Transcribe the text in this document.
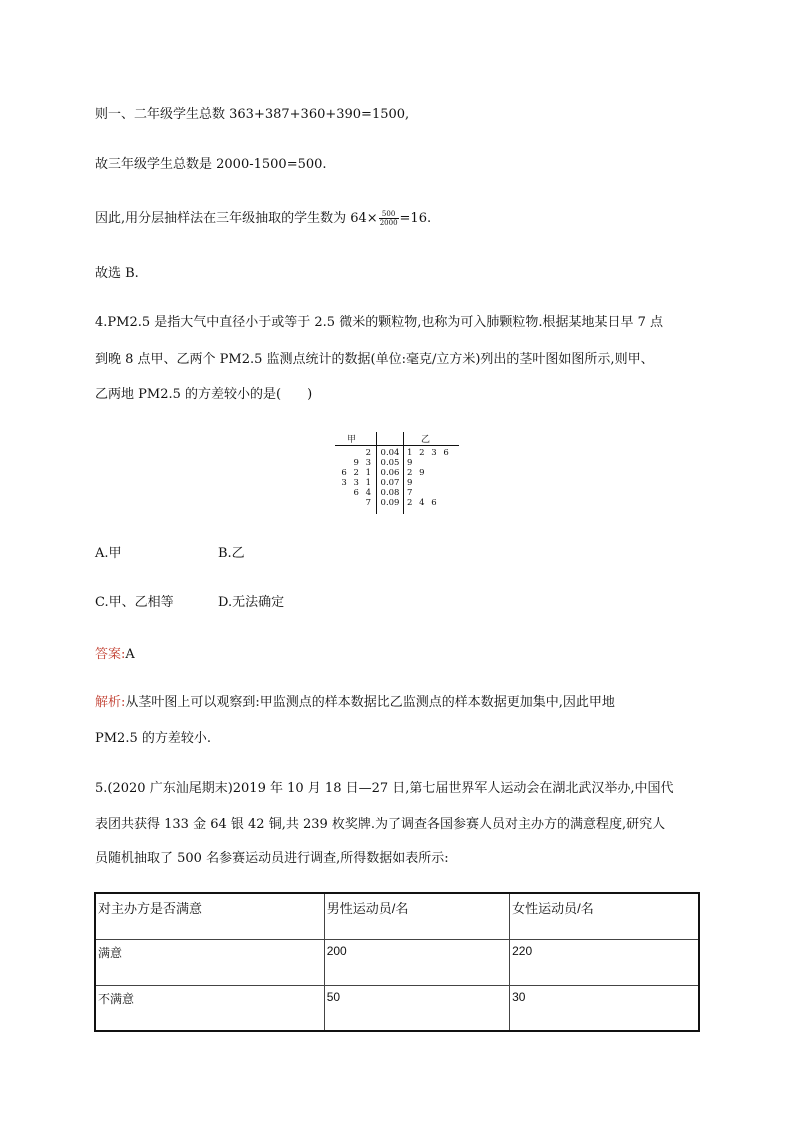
则一、二年级学生总数 363+387+360+390=1500,
故三年级学生总数是 2000-1500=500.
因此,用分层抽样法在三年级抽取的学生数为 $64\times \frac{500}{2000} =16$.
故选 B.
4.PM2.5 是指大气中直径小于或等于 2.5 微米的颗粒物,也称为可入肺颗粒物.根据某地某日早 7 点
到晚 8 点甲、乙两个 PM2.5 监测点统计的数据(单位:毫克/立方米)列出的茎叶图如图所示,则甲、
乙两地 PM2.5 的方差较小的是(　　)
甲	乙
2 0.04 1 2 3 6
9 3 0.05 9
6 2 1 0.06 2 9
3 3 1 0.07 9
6 4 0.08 7
7 0.09 2 4 6
A.甲	B.乙
C.甲、乙相等	D.无法确定
答案:A
解析:从茎叶图上可以观察到:甲监测点的样本数据比乙监测点的样本数据更加集中,因此甲地
PM2.5 的方差较小.
5.(2020 广东汕尾期末)2019 年 10 月 18 日—27 日,第七届世界军人运动会在湖北武汉举办,中国代
表团共获得 133 金 64 银 42 铜,共 239 枚奖牌.为了调查各国参赛人员对主办方的满意程度,研究人
员随机抽取了 500 名参赛运动员进行调查,所得数据如表所示:
对主办方是否满意	男性运动员/名	女性运动员/名
满意	200	220
不满意	50	30
